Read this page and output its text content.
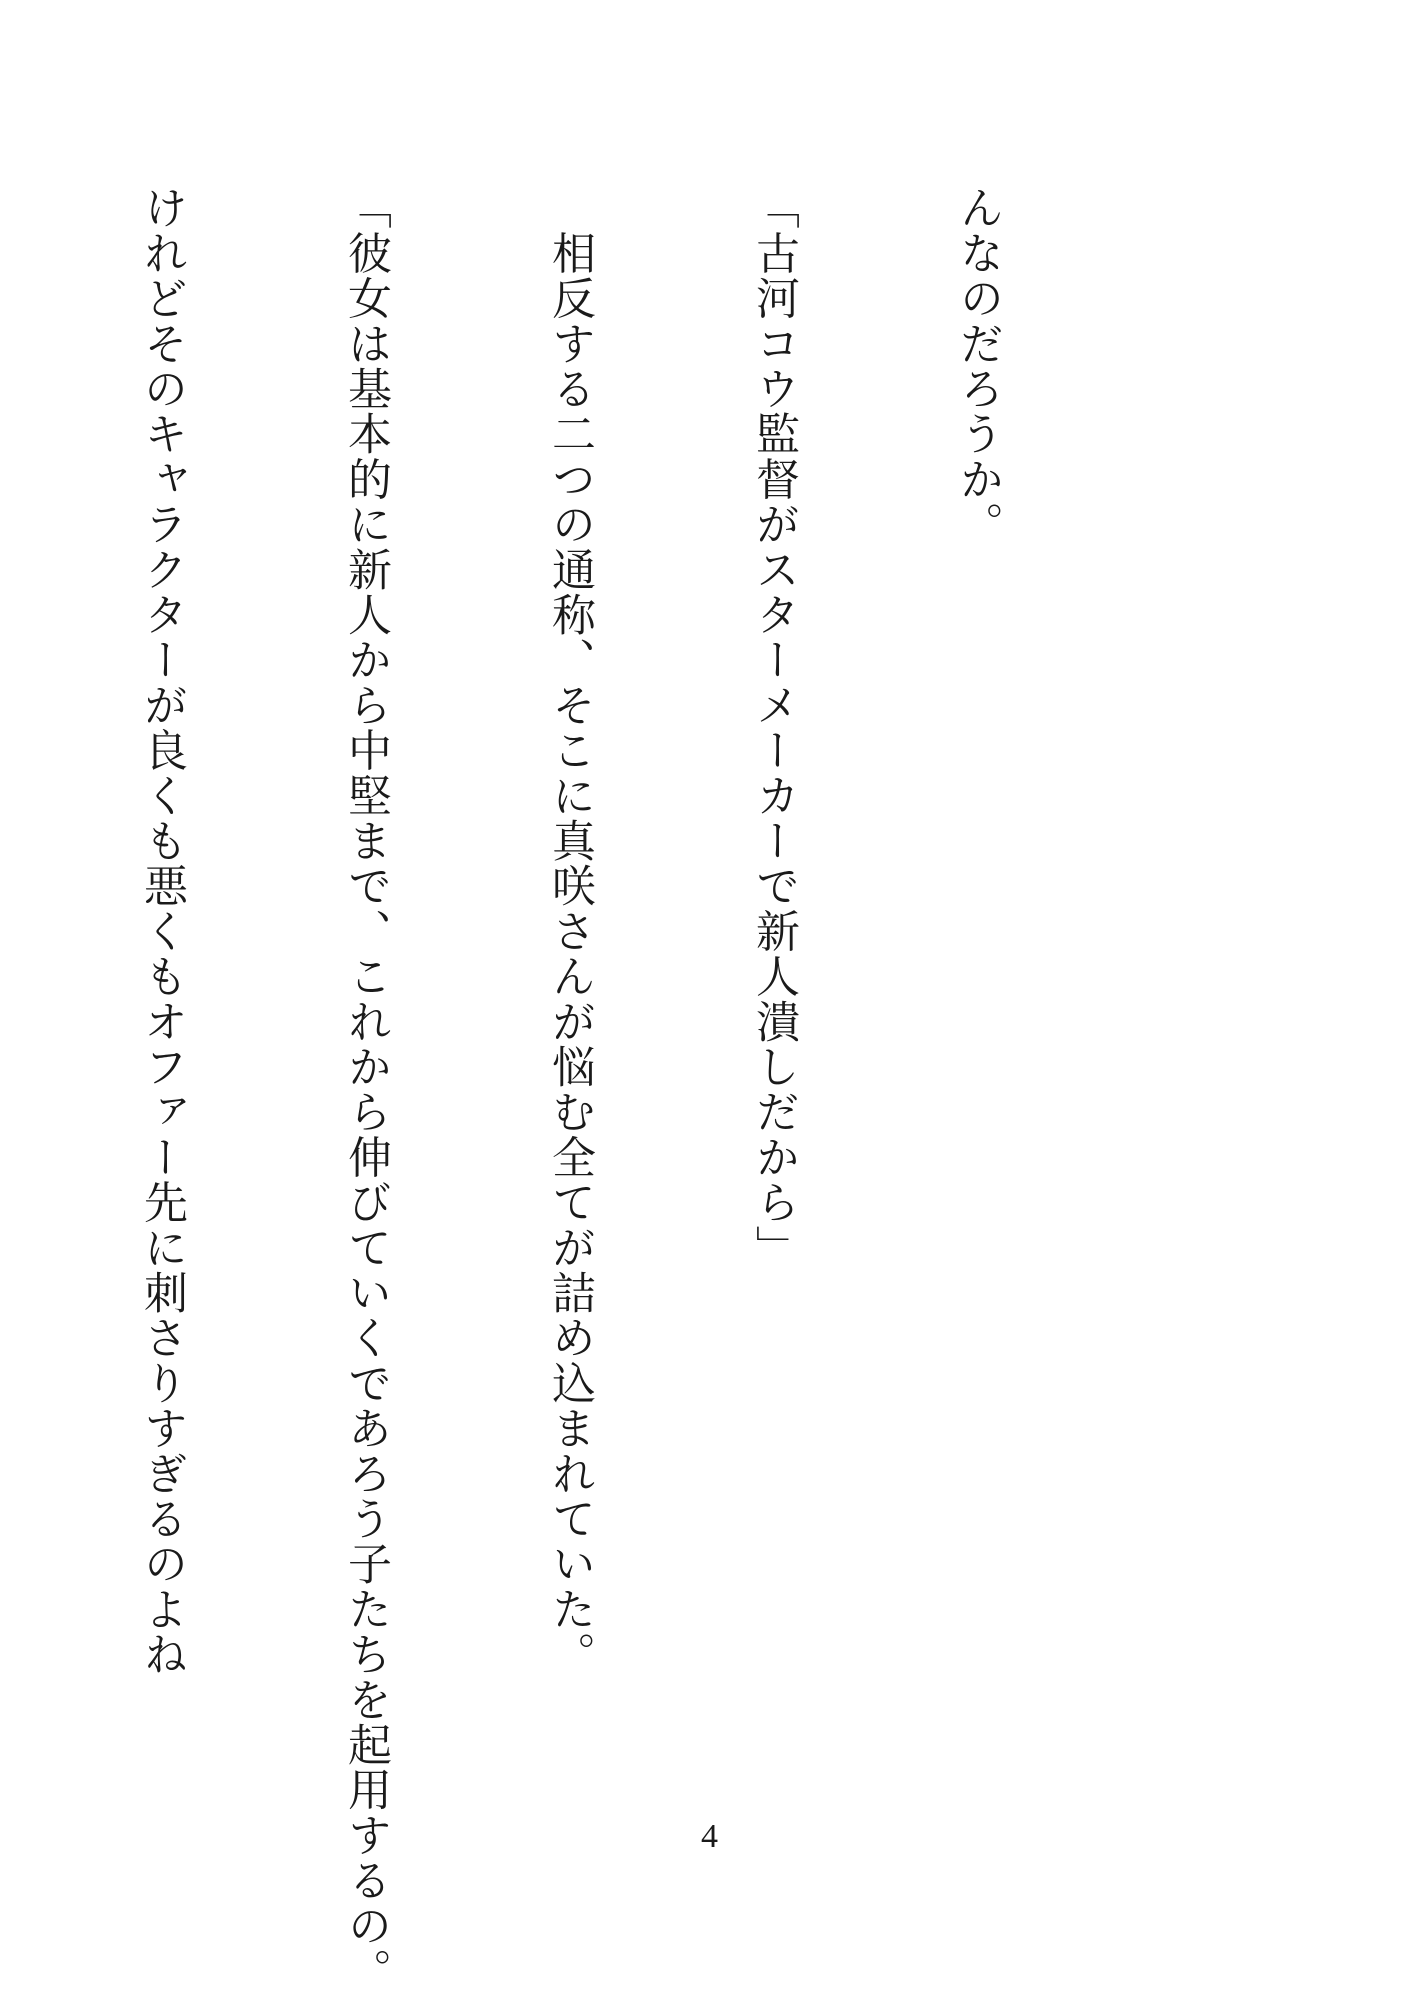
んなのだろうか。

「古河コウ監督がスターメーカーで新人潰しだから」

　相反する二つの通称、そこに真咲さんが悩む全てが詰め込まれていた。

「彼女は基本的に新人から中堅まで、これから伸びていくであろう子たちを起用するの。

けれどそのキャラクターが良くも悪くもオファー先に刺さりすぎるのよね

4
